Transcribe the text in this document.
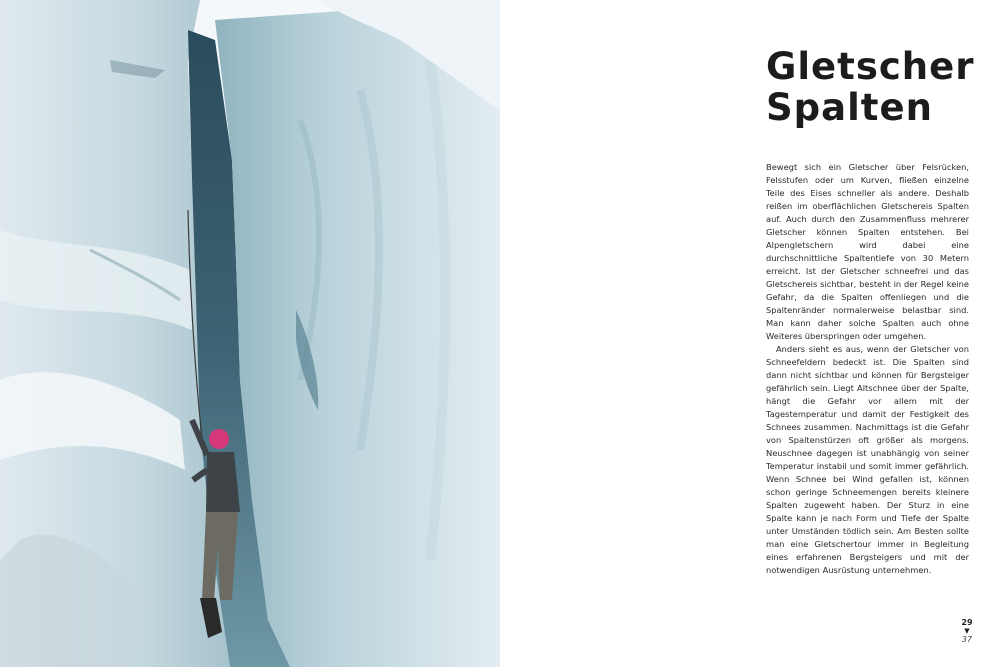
Gletscher
Spalten

Bewegt sich ein Gletscher über Felsrücken, Felsstufen oder um Kurven, fließen einzelne Teile des Eises schneller als andere. Deshalb reißen im oberflächlichen Gletschereis Spalten auf. Auch durch den Zusammenfluss mehrerer Gletscher können Spalten entstehen. Bei Alpengletschern wird dabei eine durchschnittliche Spaltentiefe von 30 Metern erreicht. Ist der Gletscher schneefrei und das Gletschereis sichtbar, besteht in der Regel keine Gefahr, da die Spalten offenliegen und die Spaltenränder normalerweise belastbar sind. Man kann daher solche Spalten auch ohne Weiteres überspringen oder umgehen.

Anders sieht es aus, wenn der Gletscher von Schneefeldern bedeckt ist. Die Spalten sind dann nicht sichtbar und können für Bergsteiger gefährlich sein. Liegt Altschnee über der Spalte, hängt die Gefahr vor allem mit der Tagestemperatur und damit der Festigkeit des Schnees zusammen. Nachmittags ist die Gefahr von Spaltenstürzen oft größer als morgens. Neuschnee dagegen ist unabhängig von seiner Temperatur instabil und somit immer gefährlich. Wenn Schnee bei Wind gefallen ist, können schon geringe Schneemengen bereits kleinere Spalten zugeweht haben. Der Sturz in eine Spalte kann je nach Form und Tiefe der Spalte unter Umständen tödlich sein. Am Besten sollte man eine Gletschertour immer in Begleitung eines erfahrenen Bergsteigers und mit der notwendigen Ausrüstung unternehmen.

29
▼
37
